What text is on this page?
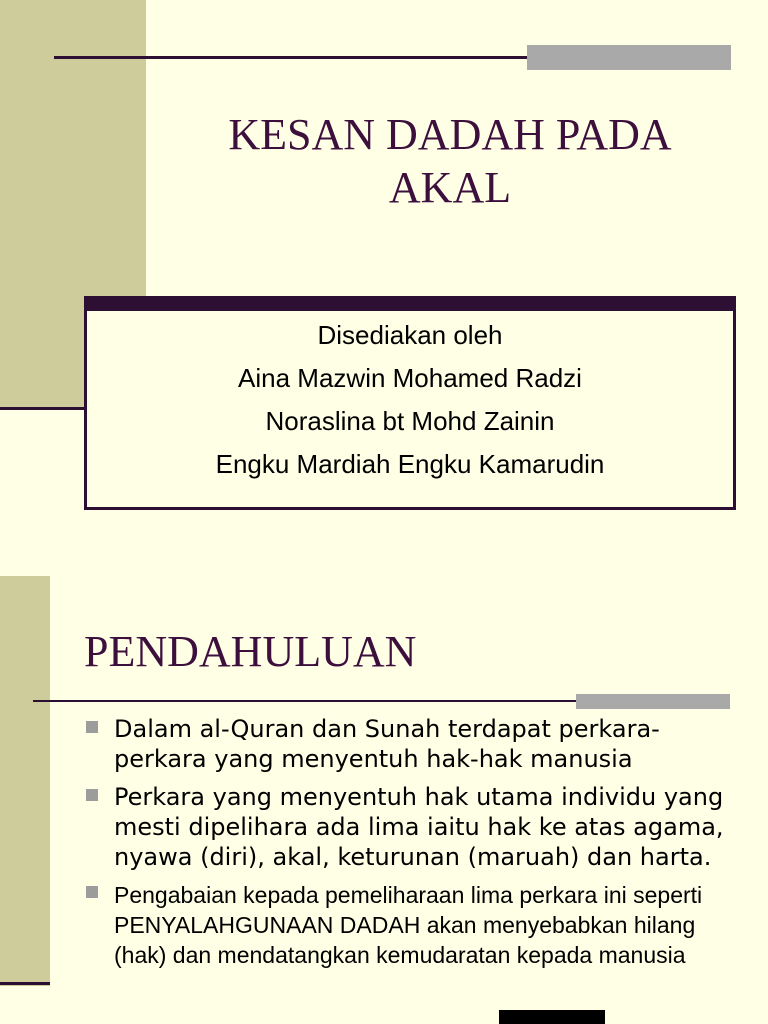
KESAN DADAH PADA
AKAL
Disediakan oleh
Aina Mazwin Mohamed Radzi
Noraslina bt Mohd Zainin
Engku Mardiah Engku Kamarudin
PENDAHULUAN
Dalam al-Quran dan Sunah terdapat perkara-perkara yang menyentuh hak-hak manusia
Perkara yang menyentuh hak utama individu yang mesti dipelihara ada lima iaitu hak ke atas agama, nyawa (diri), akal, keturunan (maruah) dan harta.
Pengabaian kepada pemeliharaan lima perkara ini seperti PENYALAHGUNAAN DADAH akan menyebabkan hilang (hak) dan mendatangkan kemudaratan kepada manusia
